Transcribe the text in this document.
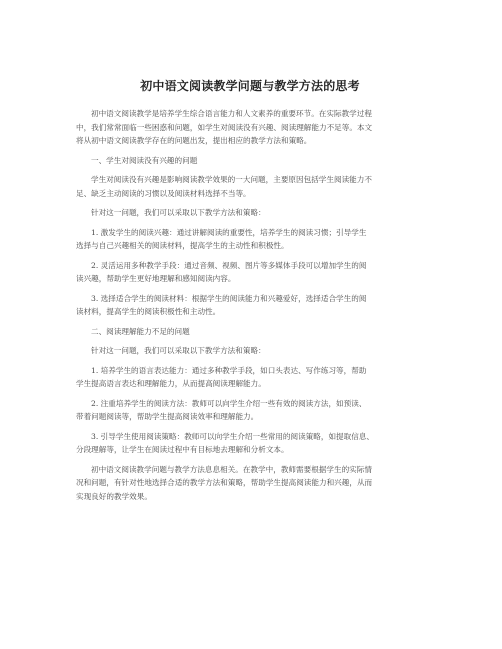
初中语文阅读教学问题与教学方法的思考
初中语文阅读教学是培养学生综合语言能力和人文素养的重要环节。在实际教学过程
中，我们常常面临一些困惑和问题，如学生对阅读没有兴趣、阅读理解能力不足等。本文
将从初中语文阅读教学存在的问题出发，提出相应的教学方法和策略。
一、学生对阅读没有兴趣的问题
学生对阅读没有兴趣是影响阅读教学效果的一大问题，主要原因包括学生阅读能力不
足、缺乏主动阅读的习惯以及阅读材料选择不当等。
针对这一问题，我们可以采取以下教学方法和策略：
1. 激发学生的阅读兴趣：通过讲解阅读的重要性，培养学生的阅读习惯；引导学生
选择与自己兴趣相关的阅读材料，提高学生的主动性和积极性。
2. 灵活运用多种教学手段：通过音频、视频、图片等多媒体手段可以增加学生的阅
读兴趣，帮助学生更好地理解和感知阅读内容。
3. 选择适合学生的阅读材料：根据学生的阅读能力和兴趣爱好，选择适合学生的阅
读材料，提高学生的阅读积极性和主动性。
二、阅读理解能力不足的问题
针对这一问题，我们可以采取以下教学方法和策略：
1. 培养学生的语言表达能力：通过多种教学手段，如口头表达、写作练习等，帮助
学生提高语言表达和理解能力，从而提高阅读理解能力。
2. 注重培养学生的阅读方法：教师可以向学生介绍一些有效的阅读方法，如预读、
带着问题阅读等，帮助学生提高阅读效率和理解能力。
3. 引导学生使用阅读策略：教师可以向学生介绍一些常用的阅读策略，如提取信息、
分段理解等，让学生在阅读过程中有目标地去理解和分析文本。
初中语文阅读教学问题与教学方法息息相关。在教学中，教师需要根据学生的实际情
况和问题，有针对性地选择合适的教学方法和策略，帮助学生提高阅读能力和兴趣，从而
实现良好的教学效果。
